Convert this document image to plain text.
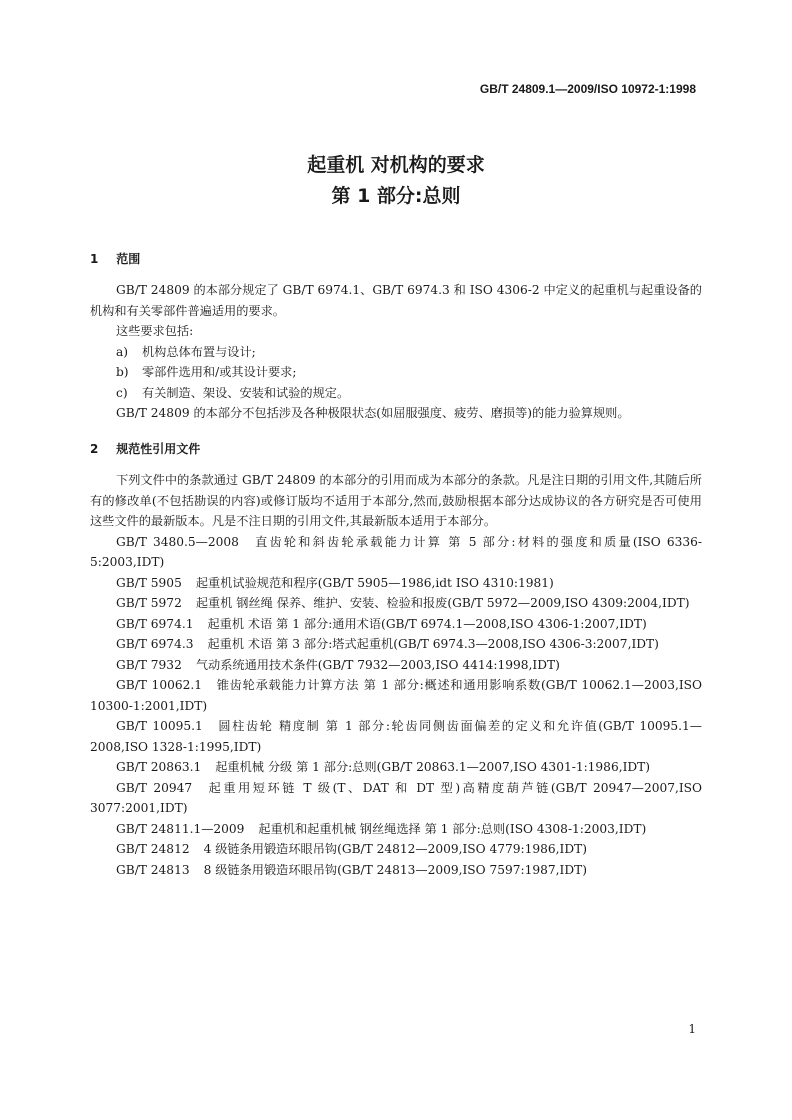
GB/T 24809.1—2009/ISO 10972-1:1998
起重机 对机构的要求
第 1 部分:总则
1 范围

GB/T 24809 的本部分规定了 GB/T 6974.1、GB/T 6974.3 和 ISO 4306-2 中定义的起重机与起重设备的机构和有关零部件普遍适用的要求。

这些要求包括:

a) 机构总体布置与设计;

b) 零部件选用和/或其设计要求;

c) 有关制造、架设、安装和试验的规定。

GB/T 24809 的本部分不包括涉及各种极限状态(如屈服强度、疲劳、磨损等)的能力验算规则。

2 规范性引用文件

下列文件中的条款通过 GB/T 24809 的本部分的引用而成为本部分的条款。凡是注日期的引用文件,其随后所有的修改单(不包括勘误的内容)或修订版均不适用于本部分,然而,鼓励根据本部分达成协议的各方研究是否可使用这些文件的最新版本。凡是不注日期的引用文件,其最新版本适用于本部分。

GB/T 3480.5—2008 直齿轮和斜齿轮承载能力计算 第 5 部分:材料的强度和质量(ISO 6336-5:2003,IDT)

GB/T 5905 起重机试验规范和程序(GB/T 5905—1986,idt ISO 4310:1981)

GB/T 5972 起重机 钢丝绳 保养、维护、安装、检验和报废(GB/T 5972—2009,ISO 4309:2004,IDT)

GB/T 6974.1 起重机 术语 第 1 部分:通用术语(GB/T 6974.1—2008,ISO 4306-1:2007,IDT)

GB/T 6974.3 起重机 术语 第 3 部分:塔式起重机(GB/T 6974.3—2008,ISO 4306-3:2007,IDT)

GB/T 7932 气动系统通用技术条件(GB/T 7932—2003,ISO 4414:1998,IDT)

GB/T 10062.1 锥齿轮承载能力计算方法 第 1 部分:概述和通用影响系数(GB/T 10062.1—2003,ISO 10300-1:2001,IDT)

GB/T 10095.1 圆柱齿轮 精度制 第 1 部分:轮齿同侧齿面偏差的定义和允许值(GB/T 10095.1—2008,ISO 1328-1:1995,IDT)

GB/T 20863.1 起重机械 分级 第 1 部分:总则(GB/T 20863.1—2007,ISO 4301-1:1986,IDT)

GB/T 20947 起重用短环链 T 级(T、DAT 和 DT 型)高精度葫芦链(GB/T 20947—2007,ISO 3077:2001,IDT)

GB/T 24811.1—2009 起重机和起重机械 钢丝绳选择 第 1 部分:总则(ISO 4308-1:2003,IDT)

GB/T 24812 4 级链条用锻造环眼吊钩(GB/T 24812—2009,ISO 4779:1986,IDT)

GB/T 24813 8 级链条用锻造环眼吊钩(GB/T 24813—2009,ISO 7597:1987,IDT)

1
